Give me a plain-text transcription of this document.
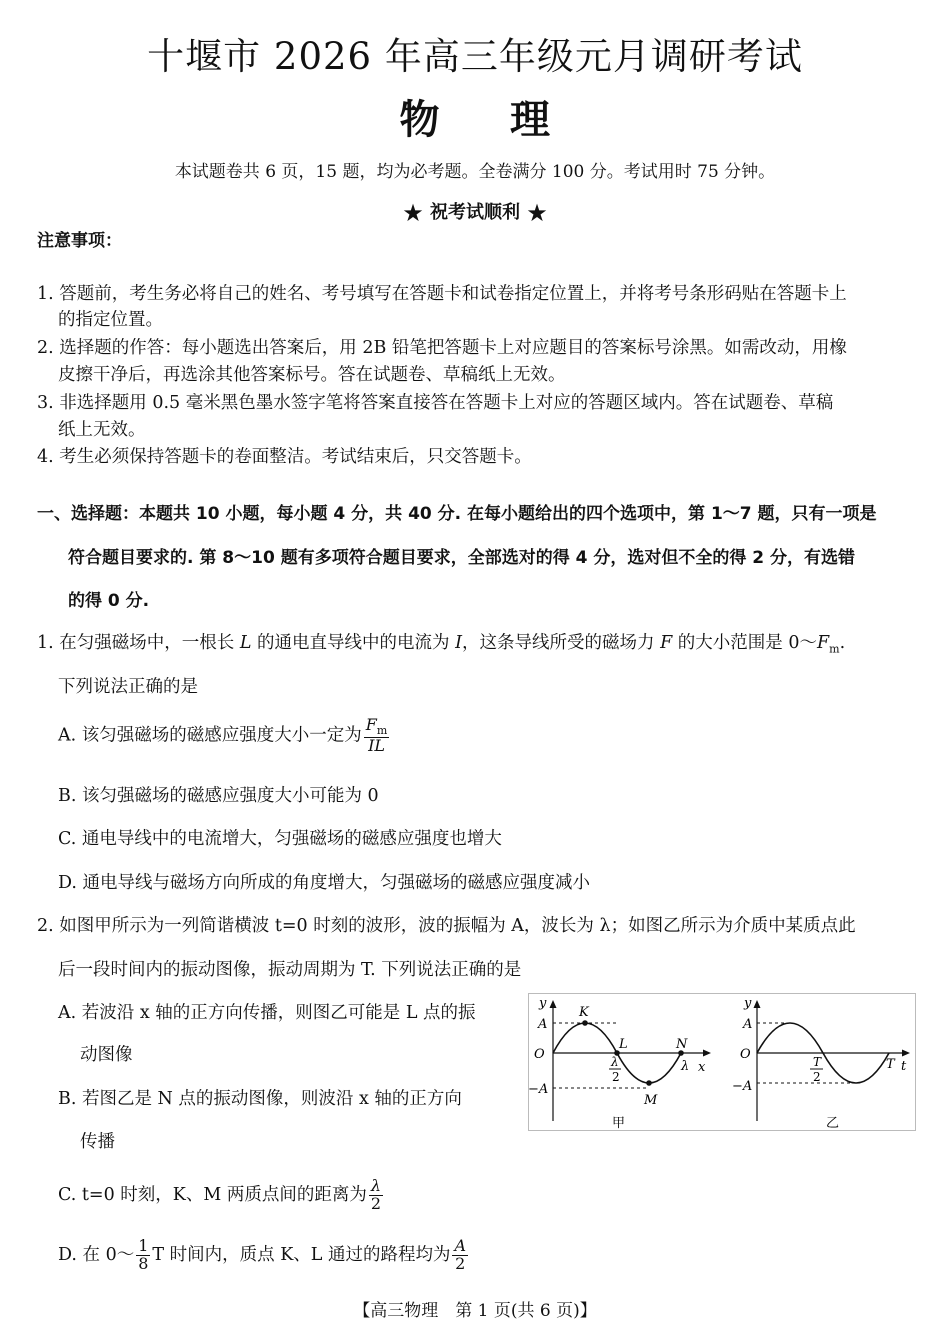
十堰市 2026 年高三年级元月调研考试
物 理
本试题卷共 6 页，15 题，均为必考题。全卷满分 100 分。考试用时 75 分钟。
★ 祝考试顺利 ★
注意事项：
1. 答题前，考生务必将自己的姓名、考号填写在答题卡和试卷指定位置上，并将考号条形码贴在答题卡上
的指定位置。
2. 选择题的作答：每小题选出答案后，用 2B 铅笔把答题卡上对应题目的答案标号涂黑。如需改动，用橡
皮擦干净后，再选涂其他答案标号。答在试题卷、草稿纸上无效。
3. 非选择题用 0.5 毫米黑色墨水签字笔将答案直接答在答题卡上对应的答题区域内。答在试题卷、草稿
纸上无效。
4. 考生必须保持答题卡的卷面整洁。考试结束后，只交答题卡。
一、选择题：本题共 10 小题，每小题 4 分，共 40 分. 在每小题给出的四个选项中，第 1～7 题，只有一项是
符合题目要求的. 第 8～10 题有多项符合题目要求，全部选对的得 4 分，选对但不全的得 2 分，有选错
的得 0 分.
1. 在匀强磁场中，一根长 L 的通电直导线中的电流为 I，这条导线所受的磁场力 F 的大小范围是 $0\sim F_m$.
下列说法正确的是
A. 该匀强磁场的磁感应强度大小一定为 $\frac{F_m}{IL}$
B. 该匀强磁场的磁感应强度大小可能为 0
C. 通电导线中的电流增大，匀强磁场的磁感应强度也增大
D. 通电导线与磁场方向所成的角度增大，匀强磁场的磁感应强度减小
2. 如图甲所示为一列简谐横波 t=0 时刻的波形，波的振幅为 A，波长为 λ；如图乙所示为介质中某质点此
后一段时间内的振动图像，振动周期为 T. 下列说法正确的是
A. 若波沿 x 轴的正方向传播，则图乙可能是 L 点的振
动图像
B. 若图乙是 N 点的振动图像，则波沿 x 轴的正方向
传播
C. t=0 时刻，K、M 两质点间的距离为 $\frac{\lambda}{2}$
D. 在 0～ $\frac{1}{8}$ T 时间内，质点 K、L 通过的路程均为 $\frac{A}{2}$
y
x
O
A
−A
K
L	N
M
λ
2
λ
甲
y
t
O
A
−A
T
2
T
乙
【高三物理　第 1 页(共 6 页)】
